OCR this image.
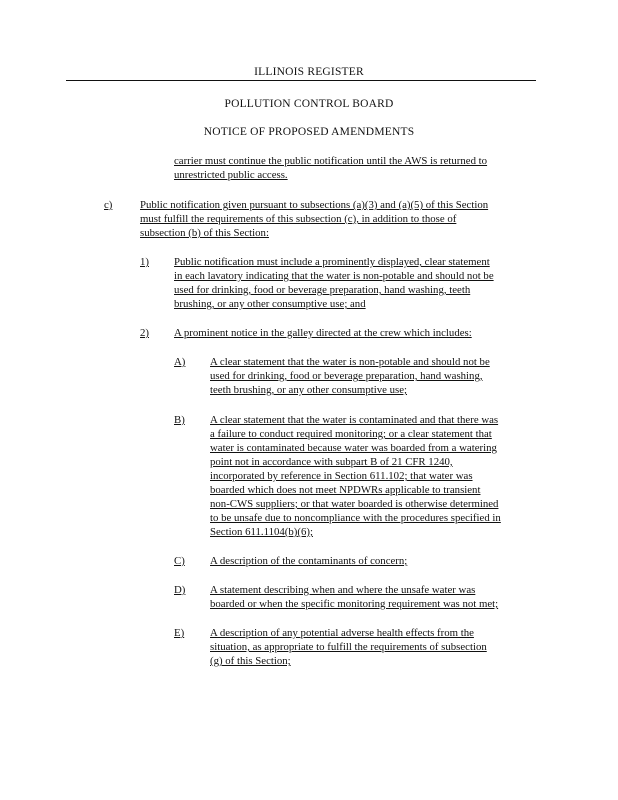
ILLINOIS REGISTER
POLLUTION CONTROL BOARD
NOTICE OF PROPOSED AMENDMENTS
carrier must continue the public notification until the AWS is returned to
unrestricted public access.
c)	Public notification given pursuant to subsections (a)(3) and (a)(5) of this Section
must fulfill the requirements of this subsection (c), in addition to those of
subsection (b) of this Section:
1) Public notification must include a prominently displayed, clear statement
in each lavatory indicating that the water is non-potable and should not be
used for drinking, food or beverage preparation, hand washing, teeth
brushing, or any other consumptive use; and
2) A prominent notice in the galley directed at the crew which includes:
A) A clear statement that the water is non-potable and should not be
used for drinking, food or beverage preparation, hand washing,
teeth brushing, or any other consumptive use;
B) A clear statement that the water is contaminated and that there was
a failure to conduct required monitoring; or a clear statement that
water is contaminated because water was boarded from a watering
point not in accordance with subpart B of 21 CFR 1240,
incorporated by reference in Section 611.102; that water was
boarded which does not meet NPDWRs applicable to transient
non-CWS suppliers; or that water boarded is otherwise determined
to be unsafe due to noncompliance with the procedures specified in
Section 611.1104(b)(6);
C) A description of the contaminants of concern;
D) A statement describing when and where the unsafe water was
boarded or when the specific monitoring requirement was not met;
E) A description of any potential adverse health effects from the
situation, as appropriate to fulfill the requirements of subsection
(g) of this Section;
